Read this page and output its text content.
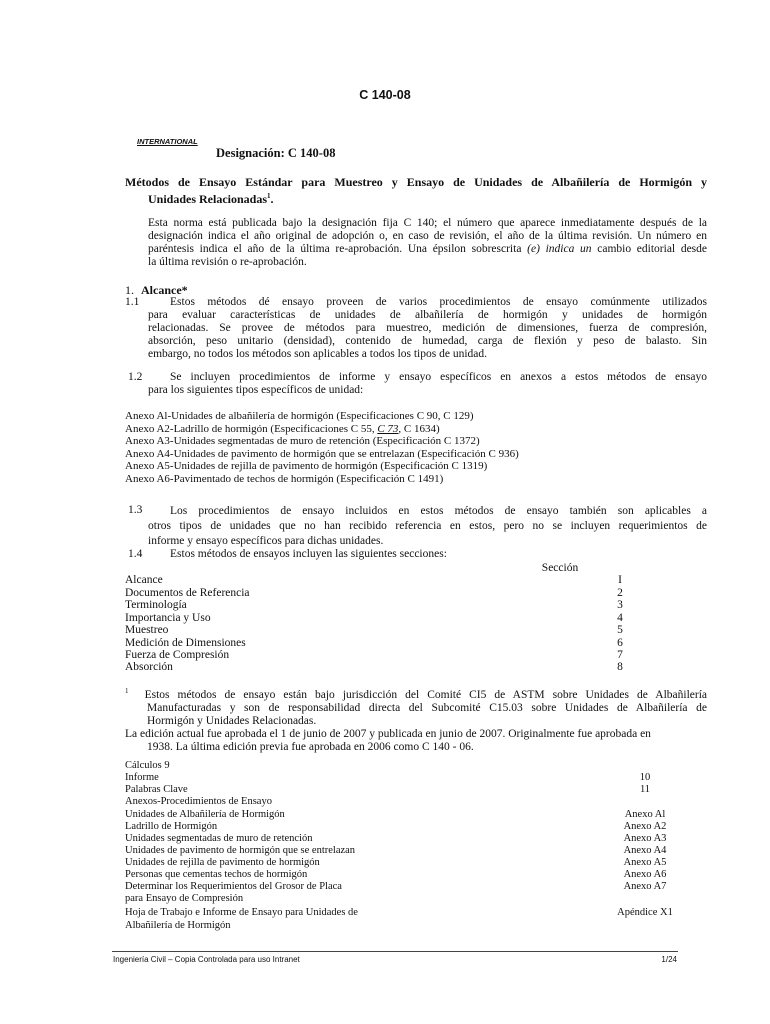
C 140-08
INTERNATIONAL
Designación: C 140-08
Métodos de Ensayo Estándar para Muestreo y Ensayo de Unidades de Albañilería de Hormigón y
Unidades Relacionadas$^1$.
Esta norma está publicada bajo la designación fija C 140; el número que aparece inmediatamente después de la
designación indica el año original de adopción o, en caso de revisión, el año de la última revisión. Un número en
paréntesis indica el año de la última re-aprobación. Una épsilon sobrescrita (e) indica un cambio editorial desde
la última revisión o re-aprobación.
1. Alcance*
1.1	Estos métodos dé ensayo proveen de varios procedimientos de ensayo comúnmente utilizados
para evaluar características de unidades de albañilería de hormigón y unidades de hormigón
relacionadas. Se provee de métodos para muestreo, medición de dimensiones, fuerza de compresión,
absorción, peso unitario (densidad), contenido de humedad, carga de flexión y peso de balasto. Sin
embargo, no todos los métodos son aplicables a todos los tipos de unidad.
1.2	Se incluyen procedimientos de informe y ensayo específicos en anexos a estos métodos de ensayo
para los siguientes tipos específicos de unidad:
Anexo Al-Unidades de albañilería de hormigón (Especificaciones C 90, C 129)
Anexo A2-Ladrillo de hormigón (Especificaciones C 55, C 73, C 1634)
Anexo A3-Unidades segmentadas de muro de retención (Especificación C 1372)
Anexo A4-Unidades de pavimento de hormigón que se entrelazan (Especificación C 936)
Anexo A5-Unidades de rejilla de pavimento de hormigón (Especificación C 1319)
Anexo A6-Pavimentado de techos de hormigón (Especificación C 1491)
1.3	Los procedimientos de ensayo incluidos en estos métodos de ensayo también son aplicables a
otros tipos de unidades que no han recibido referencia en estos, pero no se incluyen requerimientos de
informe y ensayo específicos para dichas unidades.
1.4 Estos métodos de ensayos incluyen las siguientes secciones:
Sección
Alcance	I
Documentos de Referencia	2
Terminología	3
Importancia y Uso	4
Muestreo	5
Medición de Dimensiones	6
Fuerza de Compresión	7
Absorción	8
$^1$ Estos métodos de ensayo están bajo jurisdicción del Comité CI5 de ASTM sobre Unidades de Albañilería
Manufacturadas y son de responsabilidad directa del Subcomité C15.03 sobre Unidades de Albañilería de
Hormigón y Unidades Relacionadas.
La edición actual fue aprobada el 1 de junio de 2007 y publicada en junio de 2007. Originalmente fue aprobada en
1938. La última edición previa fue aprobada en 2006 como C 140 - 06.
Cálculos 9
Informe	10
Palabras Clave	11
Anexos-Procedimientos de Ensayo
Unidades de Albañilería de Hormigón	Anexo Al
Ladrillo de Hormigón	Anexo A2
Unidades segmentadas de muro de retención	Anexo A3
Unidades de pavimento de hormigón que se entrelazan	Anexo A4
Unidades de rejilla de pavimento de hormigón	Anexo A5
Personas que cementas techos de hormigón	Anexo A6
Determinar los Requerimientos del Grosor de Placa	Anexo A7
para Ensayo de Compresión
Hoja de Trabajo e Informe de Ensayo para Unidades de	Apéndice X1
Albañilería de Hormigón
Ingeniería Civil – Copia Controlada para uso Intranet	1/24
